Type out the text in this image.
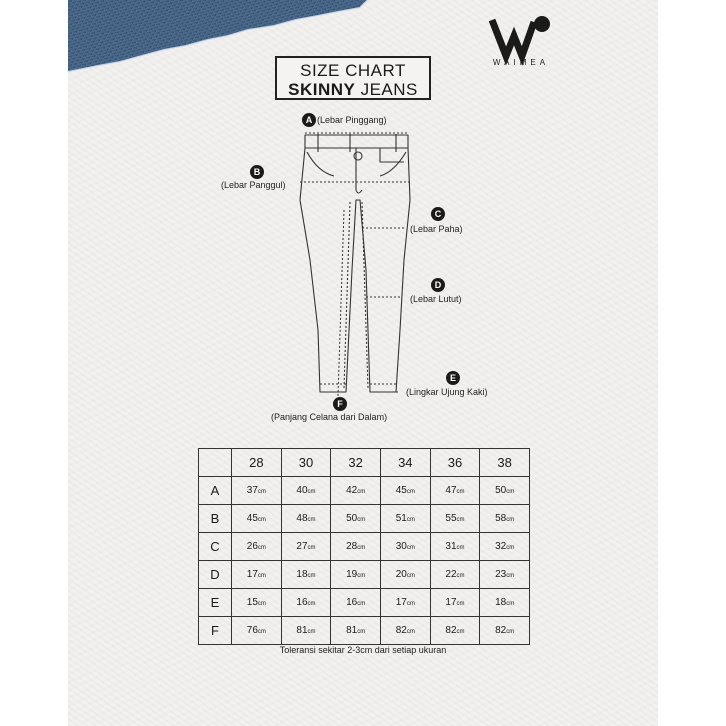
WAIMEA
SIZE CHART
SKINNY JEANS
A (Lebar Pinggang)
B
(Lebar Panggul)
C
(Lebar Paha)
D
(Lebar Lutut)
E
(Lingkar Ujung Kaki)
F
(Panjang Celana dari Dalam)
	28	30	32	34	36	38
A	37cm	40cm	42cm	45cm	47cm	50cm
B	45cm	48cm	50cm	51cm	55cm	58cm
C	26cm	27cm	28cm	30cm	31cm	32cm
D	17cm	18cm	19cm	20cm	22cm	23cm
E	15cm	16cm	16cm	17cm	17cm	18cm
F	76cm	81cm	81cm	82cm	82cm	82cm
Toleransi sekitar 2-3cm dari setiap ukuran
